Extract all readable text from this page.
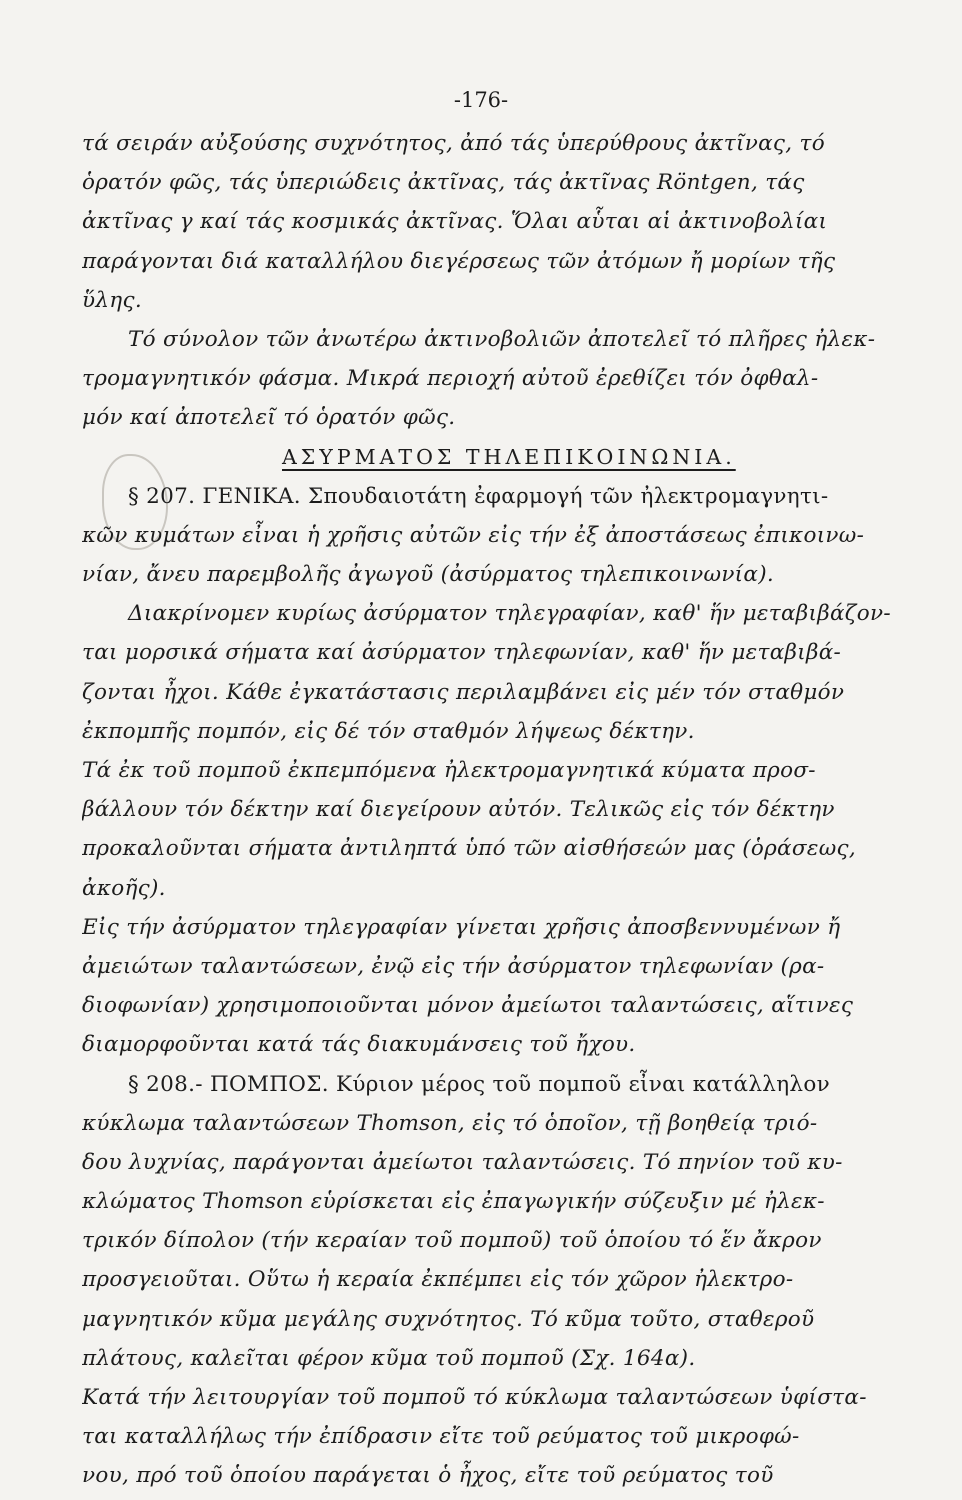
-176-
τά σειράν αὐξούσης συχνότητος, ἀπό τάς ὑπερύθρους ἀκτῖνας, τό
ὁρατόν φῶς, τάς ὑπεριώδεις ἀκτῖνας, τάς ἀκτῖνας Röntgen, τάς
ἀκτῖνας γ καί τάς κοσμικάς ἀκτῖνας. Ὅλαι αὗται αἱ ἀκτινοβολίαι
παράγονται διά καταλλήλου διεγέρσεως τῶν ἀτόμων ἤ μορίων τῆς
ὕλης.
Τό σύνολον τῶν ἀνωτέρω ἀκτινοβολιῶν ἀποτελεῖ τό πλῆρες ἠλεκ-
τρομαγνητικόν φάσμα. Μικρά περιοχή αὐτοῦ ἐρεθίζει τόν ὀφθαλ-
μόν καί ἀποτελεῖ τό ὁρατόν φῶς.
ΑΣΥΡΜΑΤΟΣ ΤΗΛΕΠΙΚΟΙΝΩΝΙΑ.
§ 207. ΓΕΝΙΚΑ. Σπουδαιοτάτη ἐφαρμογή τῶν ἠλεκτρομαγνητι-
κῶν κυμάτων εἶναι ἡ χρῆσις αὐτῶν εἰς τήν ἐξ ἀποστάσεως ἐπικοινω-
νίαν, ἄνευ παρεμβολῆς ἀγωγοῦ (ἀσύρματος τηλεπικοινωνία).
Διακρίνομεν κυρίως ἀσύρματον τηλεγραφίαν, καθ' ἥν μεταβιβάζον-
ται μορσικά σήματα καί ἀσύρματον τηλεφωνίαν, καθ' ἥν μεταβιβά-
ζονται ἦχοι. Κάθε ἐγκατάστασις περιλαμβάνει εἰς μέν τόν σταθμόν
ἐκπομπῆς πομπόν, εἰς δέ τόν σταθμόν λήψεως δέκτην.
Τά ἐκ τοῦ πομποῦ ἐκπεμπόμενα ἠλεκτρομαγνητικά κύματα προσ-
βάλλουν τόν δέκτην καί διεγείρουν αὐτόν. Τελικῶς εἰς τόν δέκτην
προκαλοῦνται σήματα ἀντιληπτά ὑπό τῶν αἰσθήσεών μας (ὁράσεως,
ἀκοῆς).
Εἰς τήν ἀσύρματον τηλεγραφίαν γίνεται χρῆσις ἀποσβεννυμένων ἤ
ἀμειώτων ταλαντώσεων, ἐνῷ εἰς τήν ἀσύρματον τηλεφωνίαν (ρα-
διοφωνίαν) χρησιμοποιοῦνται μόνον ἀμείωτοι ταλαντώσεις, αἵτινες
διαμορφοῦνται κατά τάς διακυμάνσεις τοῦ ἤχου.
§ 208.- ΠΟΜΠΟΣ. Κύριον μέρος τοῦ πομποῦ εἶναι κατάλληλον
κύκλωμα ταλαντώσεων Thomson, εἰς τό ὁποῖον, τῇ βοηθείᾳ τριό-
δου λυχνίας, παράγονται ἀμείωτοι ταλαντώσεις. Τό πηνίον τοῦ κυ-
κλώματος Thomson εὑρίσκεται εἰς ἐπαγωγικήν σύζευξιν μέ ἠλεκ-
τρικόν δίπολον (τήν κεραίαν τοῦ πομποῦ) τοῦ ὁποίου τό ἕν ἄκρον
προσγειοῦται. Οὕτω ἡ κεραία ἐκπέμπει εἰς τόν χῶρον ἠλεκτρο-
μαγνητικόν κῦμα μεγάλης συχνότητος. Τό κῦμα τοῦτο, σταθεροῦ
πλάτους, καλεῖται φέρον κῦμα τοῦ πομποῦ (Σχ. 164α).
Κατά τήν λειτουργίαν τοῦ πομποῦ τό κύκλωμα ταλαντώσεων ὑφίστα-
ται καταλλήλως τήν ἐπίδρασιν εἴτε τοῦ ρεύματος τοῦ μικροφώ-
νου, πρό τοῦ ὁποίου παράγεται ὁ ἦχος, εἴτε τοῦ ρεύματος τοῦ
